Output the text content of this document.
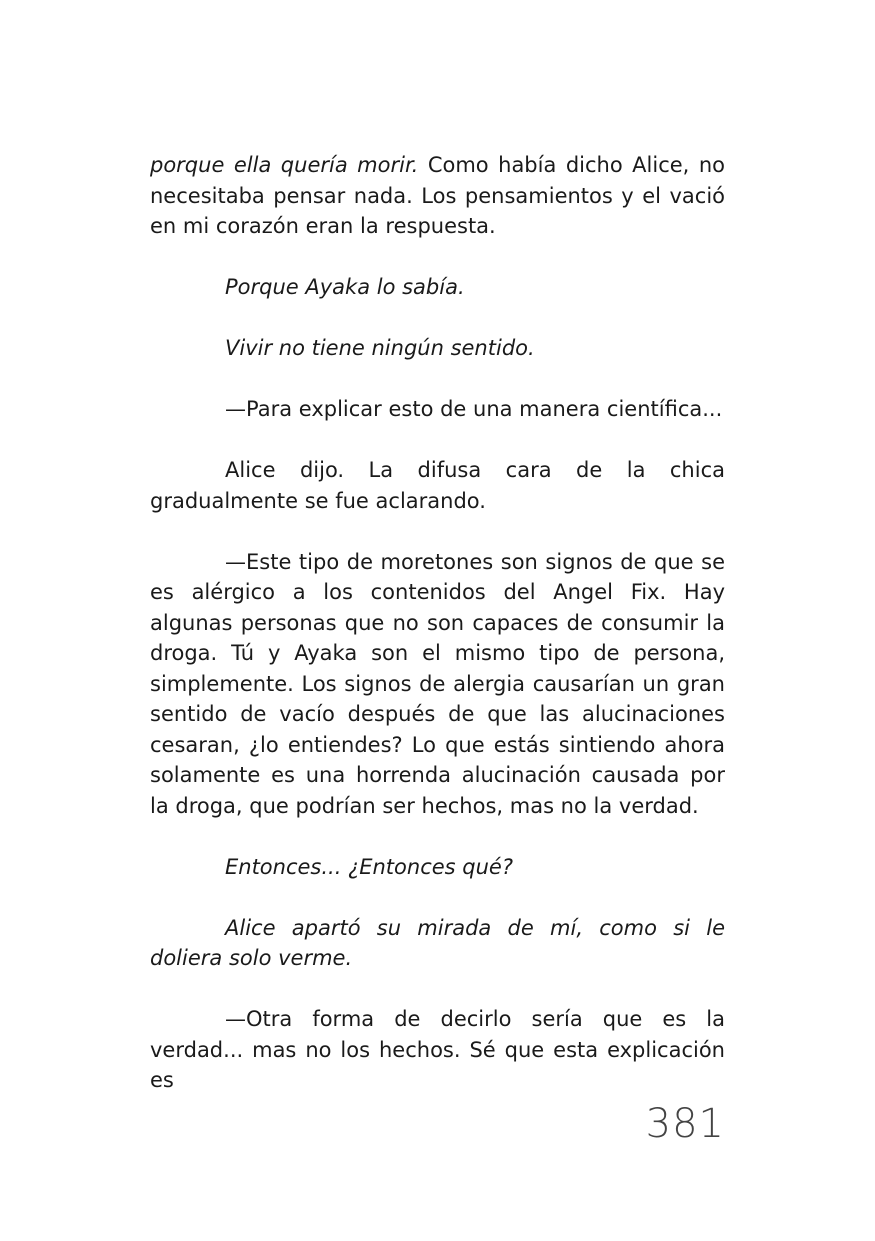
porque ella quería morir. Como había dicho Alice, no necesitaba pensar nada. Los pensamientos y el vació en mi corazón eran la respuesta.

Porque Ayaka lo sabía.

Vivir no tiene ningún sentido.

—Para explicar esto de una manera científica...

Alice dijo. La difusa cara de la chica gradualmente se fue aclarando.

—Este tipo de moretones son signos de que se es alérgico a los contenidos del Angel Fix. Hay algunas personas que no son capaces de consumir la droga. Tú y Ayaka son el mismo tipo de persona, simplemente. Los signos de alergia causarían un gran sentido de vacío después de que las alucinaciones cesaran, ¿lo entiendes? Lo que estás sintiendo ahora solamente es una horrenda alucinación causada por la droga, que podrían ser hechos, mas no la verdad.

Entonces... ¿Entonces qué?

Alice apartó su mirada de mí, como si le doliera solo verme.

—Otra forma de decirlo sería que es la verdad... mas no los hechos. Sé que esta explicación es

381
